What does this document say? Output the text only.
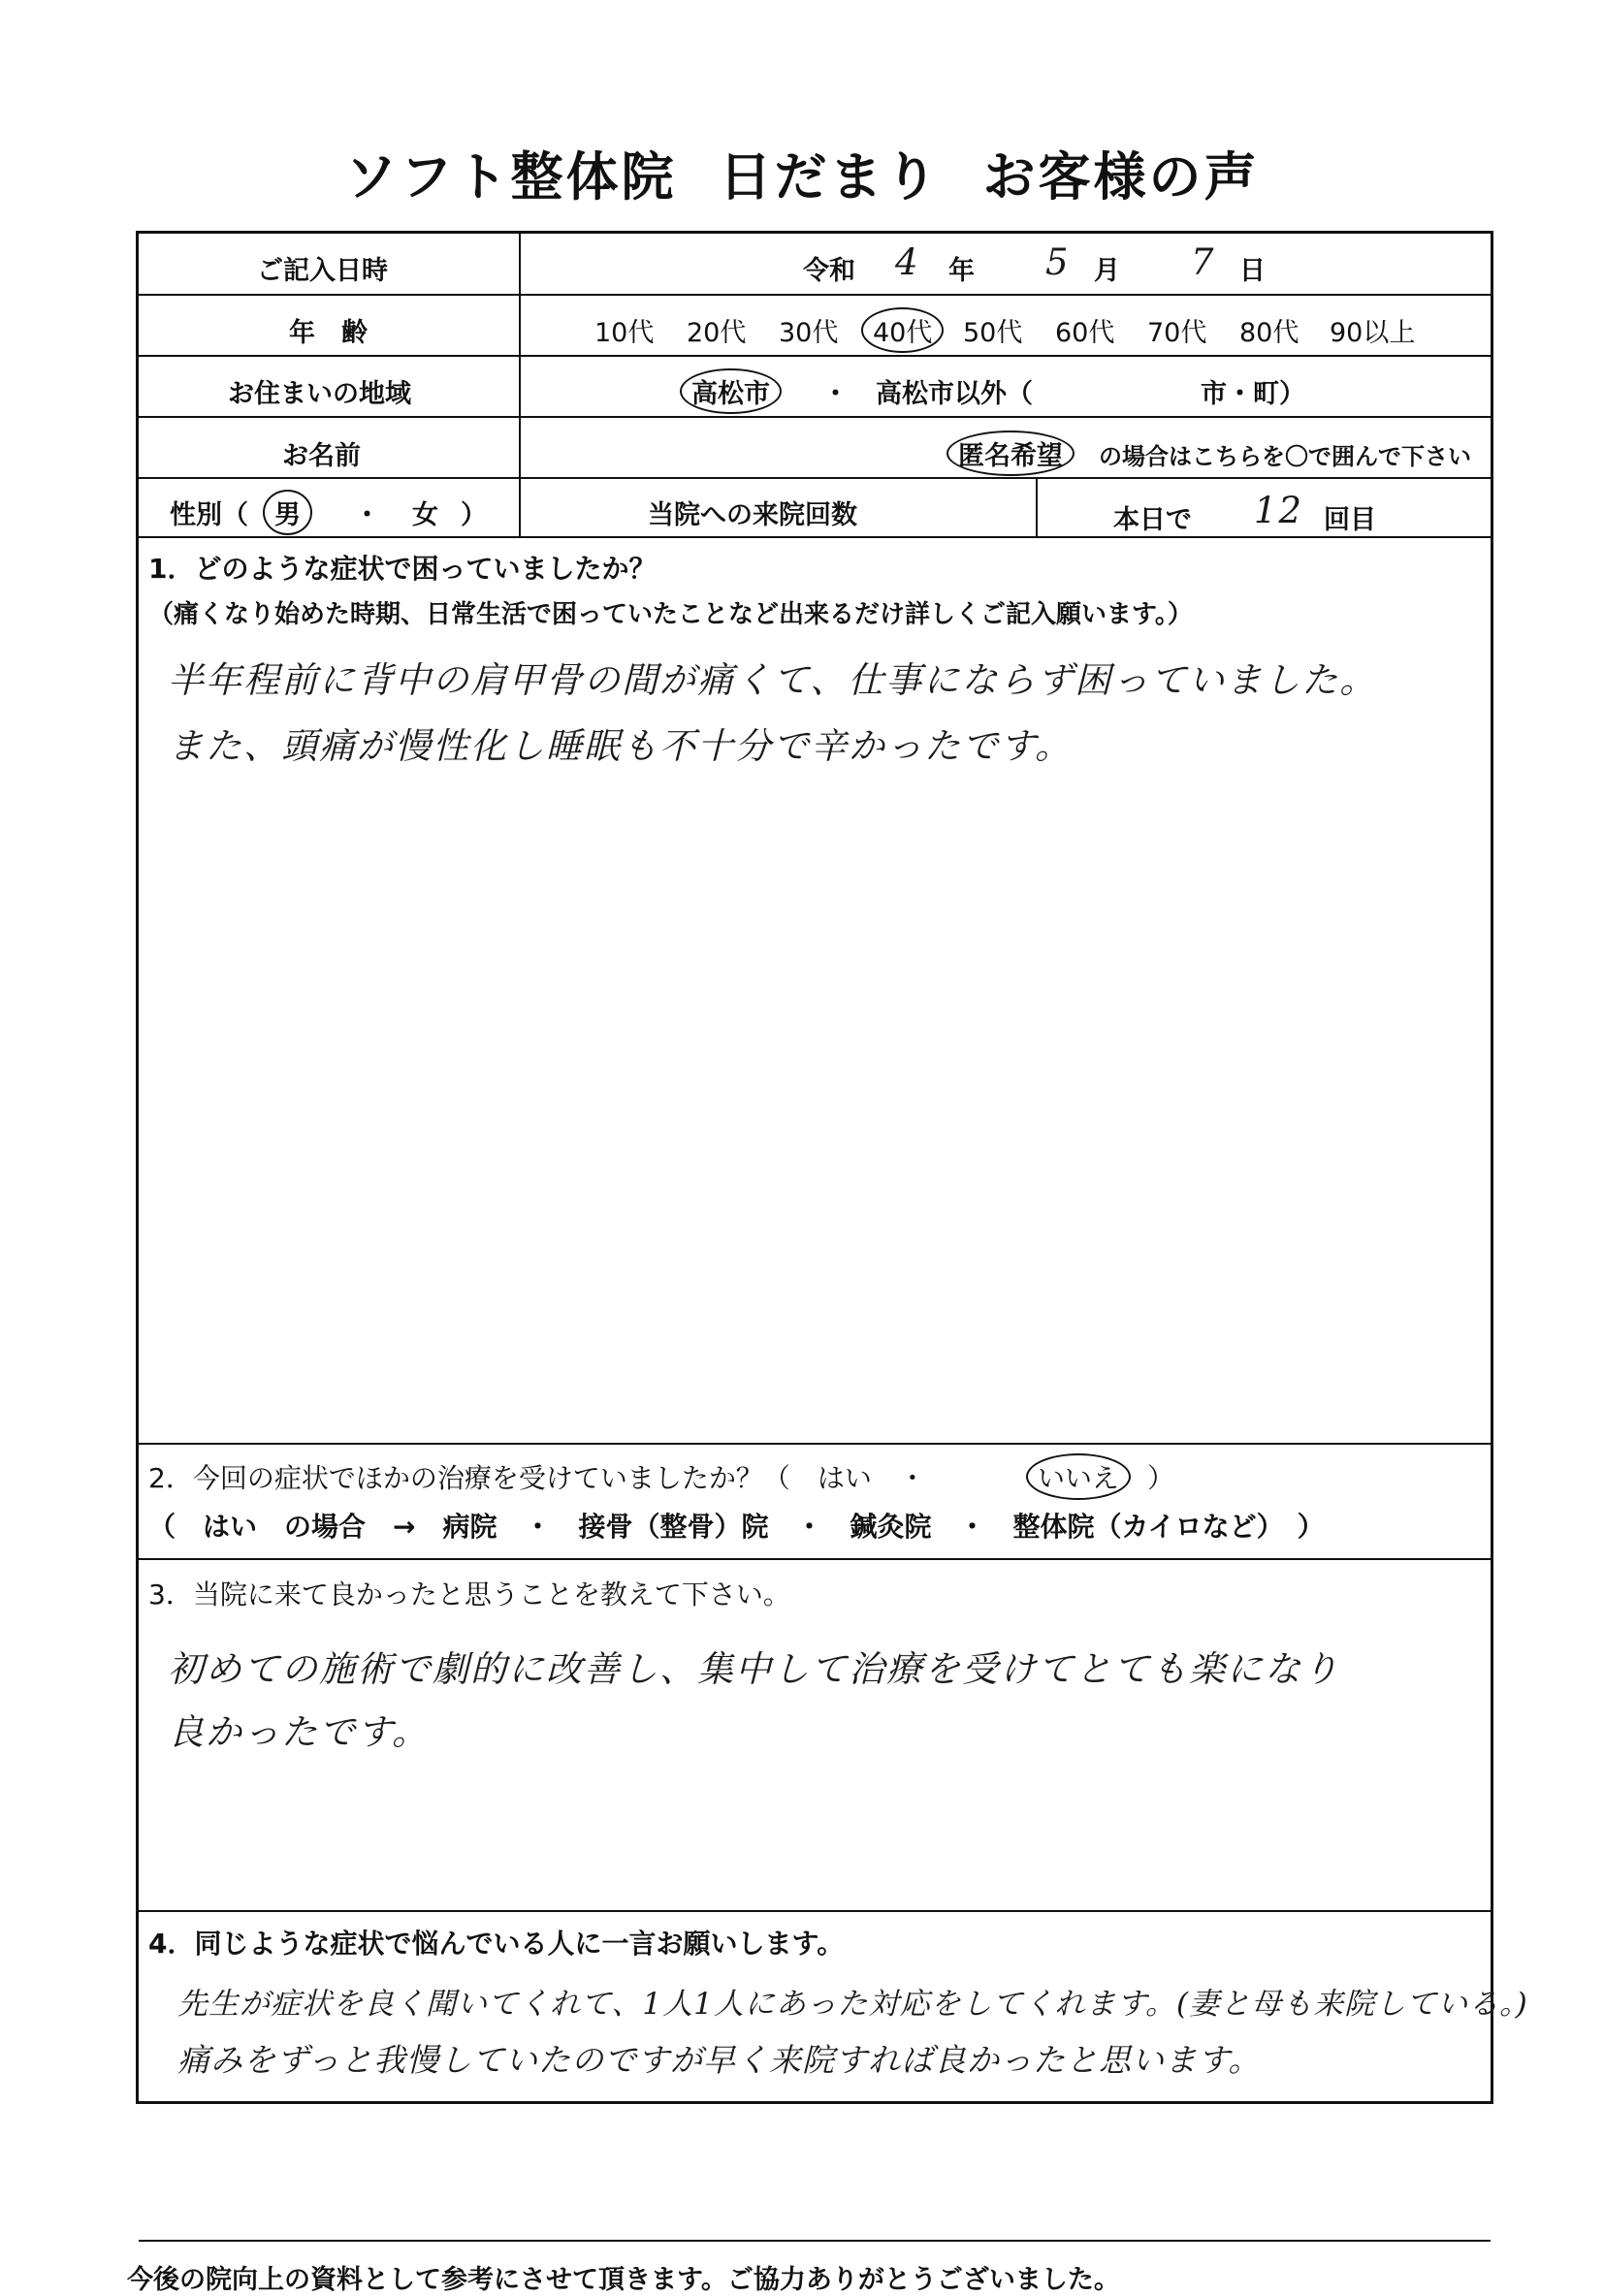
ソフト整体院 日だまり お客様の声
ご記入日時	令和 4 年 5 月 7 日
年　齢	10代 20代 30代	40代	50代 60代 70代 80代 90以上
お住まいの地域	高松市	・ 高松市以外（	市・町）
お名前	匿名希望	の場合はこちらを〇で囲んで下さい
性別（	男	・ 女 ）	当院への来院回数	本日で 12 回目
1．どのような症状で困っていましたか？
（痛くなり始めた時期、日常生活で困っていたことなど出来るだけ詳しくご記入願います。）
半年程前に背中の肩甲骨の間が痛くて、仕事にならず困っていました。
また、頭痛が慢性化し睡眠も不十分で辛かったです。
2．今回の症状でほかの治療を受けていましたか？（　はい　・	いいえ	）
（　はい　の場合　→　病院　・　接骨（整骨）院　・　鍼灸院　・　整体院（カイロなど）　）
3．当院に来て良かったと思うことを教えて下さい。
初めての施術で劇的に改善し、集中して治療を受けてとても楽になり
良かったです。
4．同じような症状で悩んでいる人に一言お願いします。
先生が症状を良く聞いてくれて、1人1人にあった対応をしてくれます。(妻と母も来院している。)
痛みをずっと我慢していたのですが早く来院すれば良かったと思います。
今後の院向上の資料として参考にさせて頂きます。ご協力ありがとうございました。
